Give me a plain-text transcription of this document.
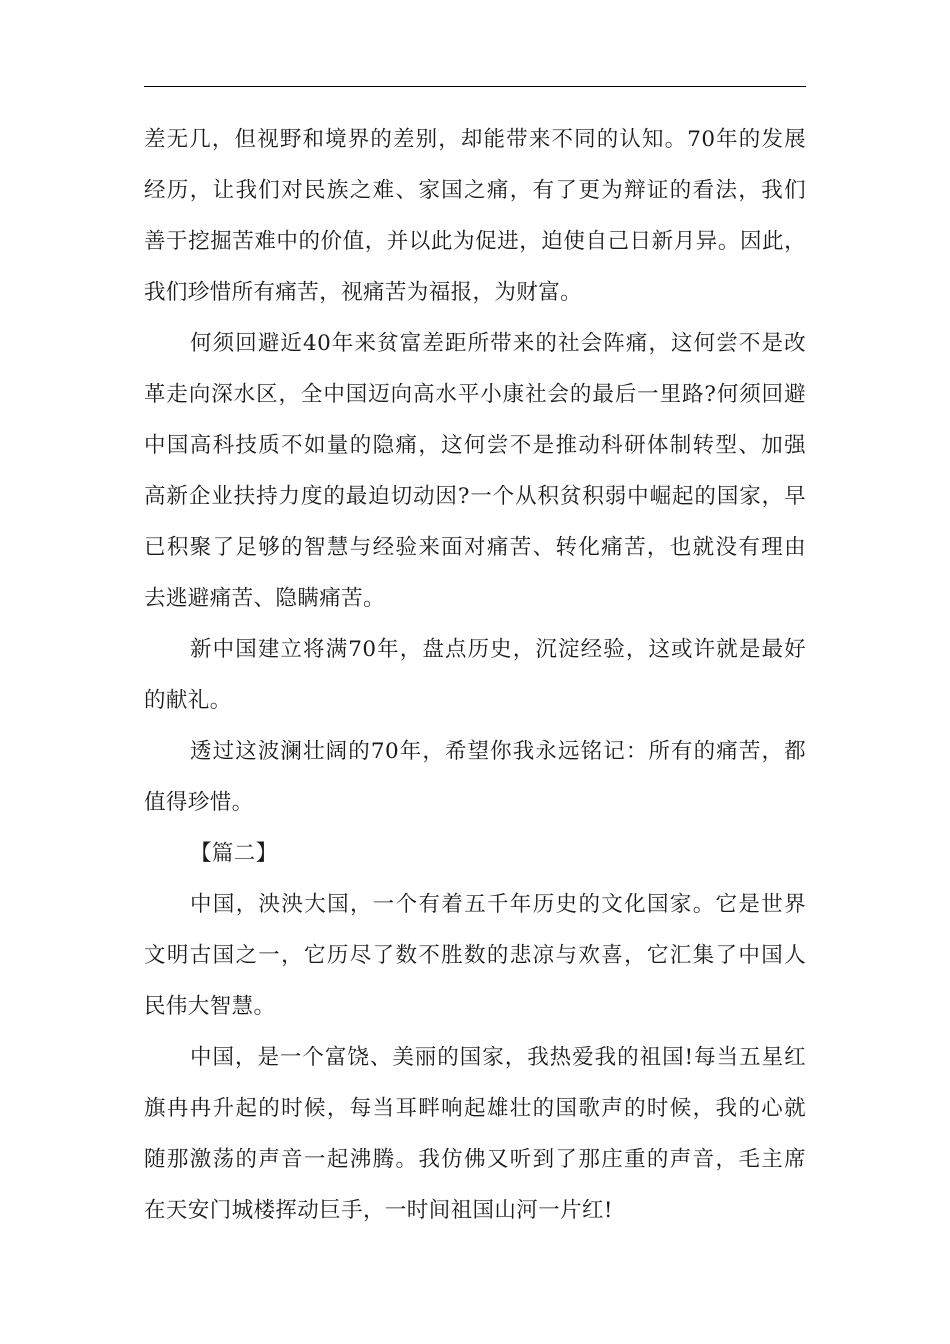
差无几，但视野和境界的差别，却能带来不同的认知。70年的发展
经历，让我们对民族之难、家国之痛，有了更为辩证的看法，我们
善于挖掘苦难中的价值，并以此为促进，迫使自己日新月异。因此，
我们珍惜所有痛苦，视痛苦为福报，为财富。
何须回避近40年来贫富差距所带来的社会阵痛，这何尝不是改
革走向深水区，全中国迈向高水平小康社会的最后一里路?何须回避
中国高科技质不如量的隐痛，这何尝不是推动科研体制转型、加强
高新企业扶持力度的最迫切动因?一个从积贫积弱中崛起的国家，早
已积聚了足够的智慧与经验来面对痛苦、转化痛苦，也就没有理由
去逃避痛苦、隐瞒痛苦。
新中国建立将满70年，盘点历史，沉淀经验，这或许就是最好
的献礼。
透过这波澜壮阔的70年，希望你我永远铭记：所有的痛苦，都
值得珍惜。
【篇二】
中国，泱泱大国，一个有着五千年历史的文化国家。它是世界
文明古国之一，它历尽了数不胜数的悲凉与欢喜，它汇集了中国人
民伟大智慧。
中国，是一个富饶、美丽的国家，我热爱我的祖国!每当五星红
旗冉冉升起的时候，每当耳畔响起雄壮的国歌声的时候，我的心就
随那激荡的声音一起沸腾。我仿佛又听到了那庄重的声音，毛主席
在天安门城楼挥动巨手，一时间祖国山河一片红!
